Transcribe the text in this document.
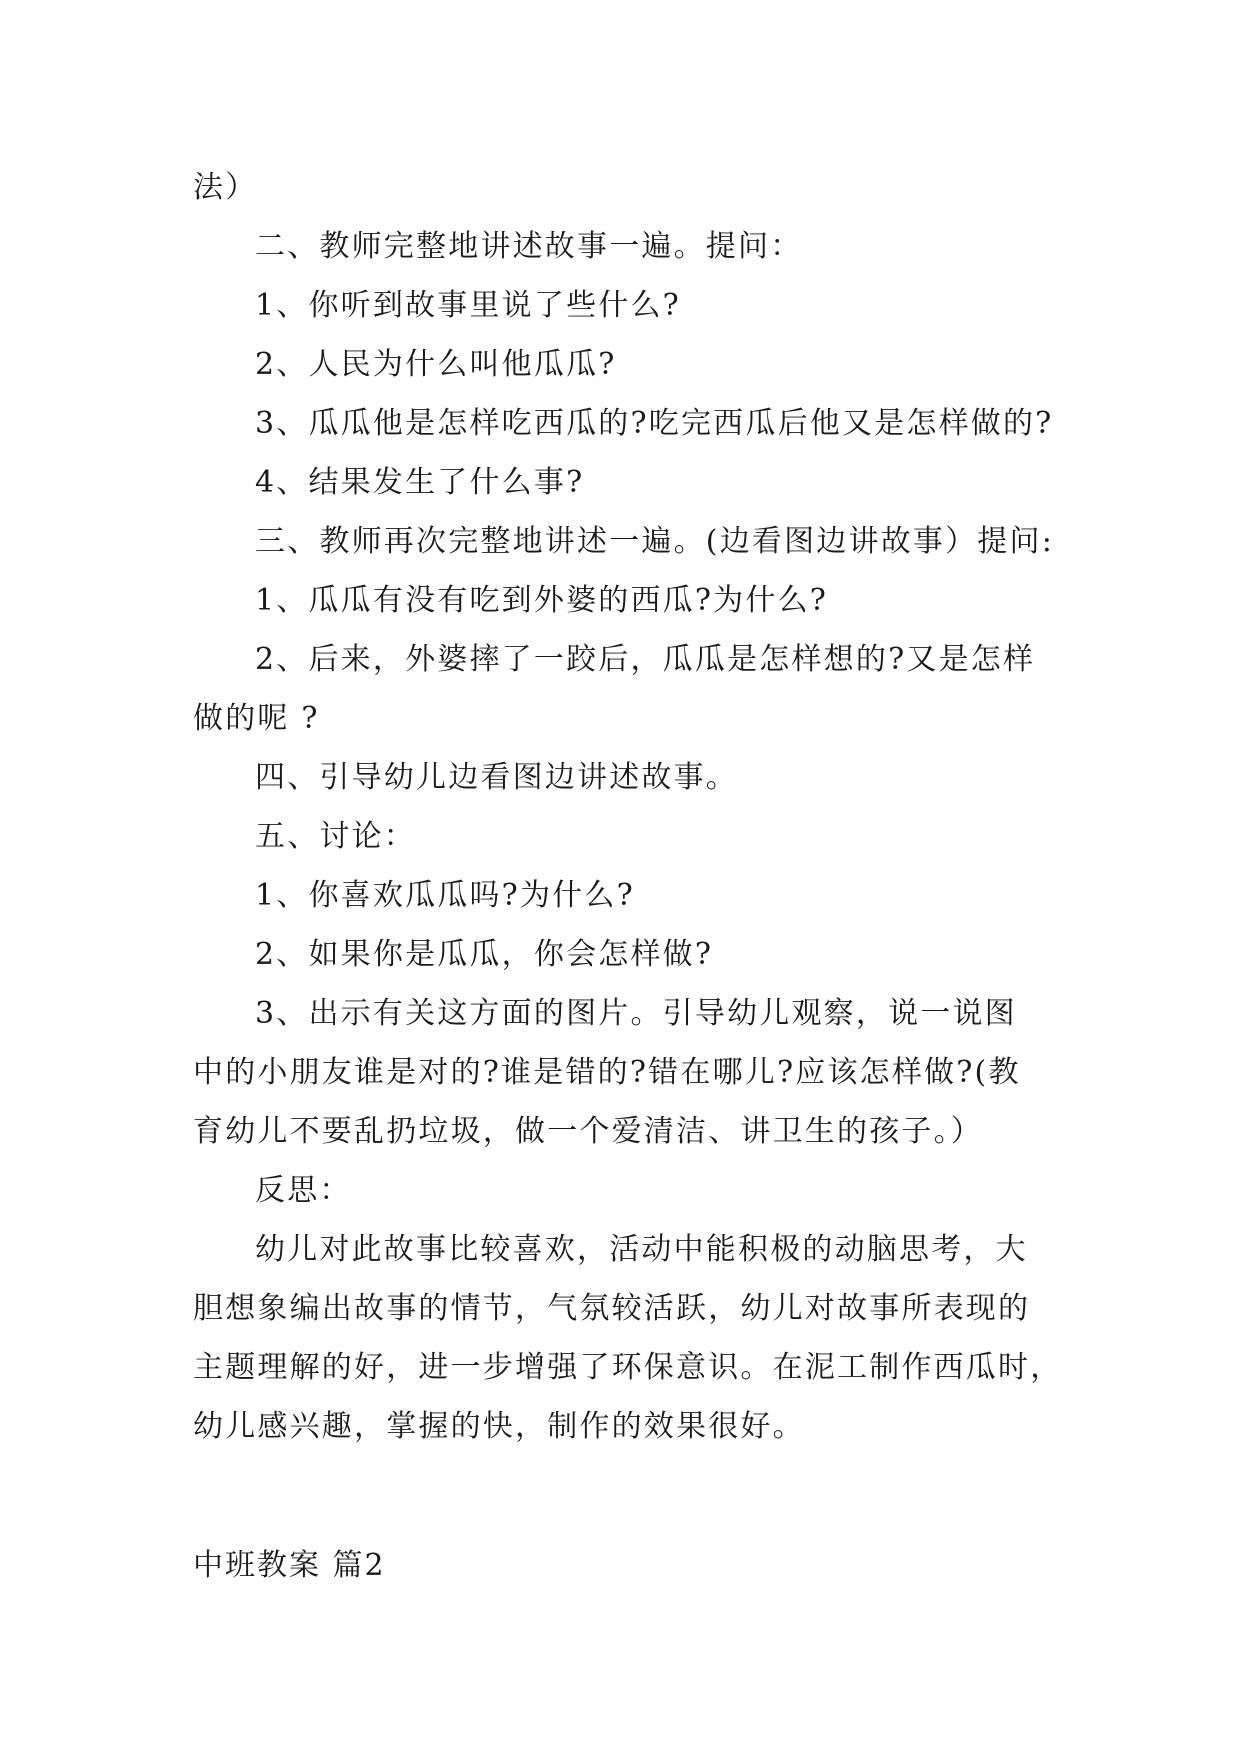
法）
二、教师完整地讲述故事一遍。提问：
1、你听到故事里说了些什么?
2、人民为什么叫他瓜瓜?
3、瓜瓜他是怎样吃西瓜的?吃完西瓜后他又是怎样做的?
4、结果发生了什么事?
三、教师再次完整地讲述一遍。(边看图边讲故事）提问:
1、瓜瓜有没有吃到外婆的西瓜?为什么?
2、后来，外婆摔了一跤后，瓜瓜是怎样想的?又是怎样
做的呢 ?
四、引导幼儿边看图边讲述故事。
五、讨论：
1、你喜欢瓜瓜吗?为什么?
2、如果你是瓜瓜，你会怎样做?
3、出示有关这方面的图片。引导幼儿观察，说一说图
中的小朋友谁是对的?谁是错的?错在哪儿?应该怎样做?(教
育幼儿不要乱扔垃圾，做一个爱清洁、讲卫生的孩子。）
反思：
幼儿对此故事比较喜欢，活动中能积极的动脑思考，大
胆想象编出故事的情节，气氛较活跃，幼儿对故事所表现的
主题理解的好，进一步增强了环保意识。在泥工制作西瓜时，
幼儿感兴趣，掌握的快，制作的效果很好。
中班教案 篇2
